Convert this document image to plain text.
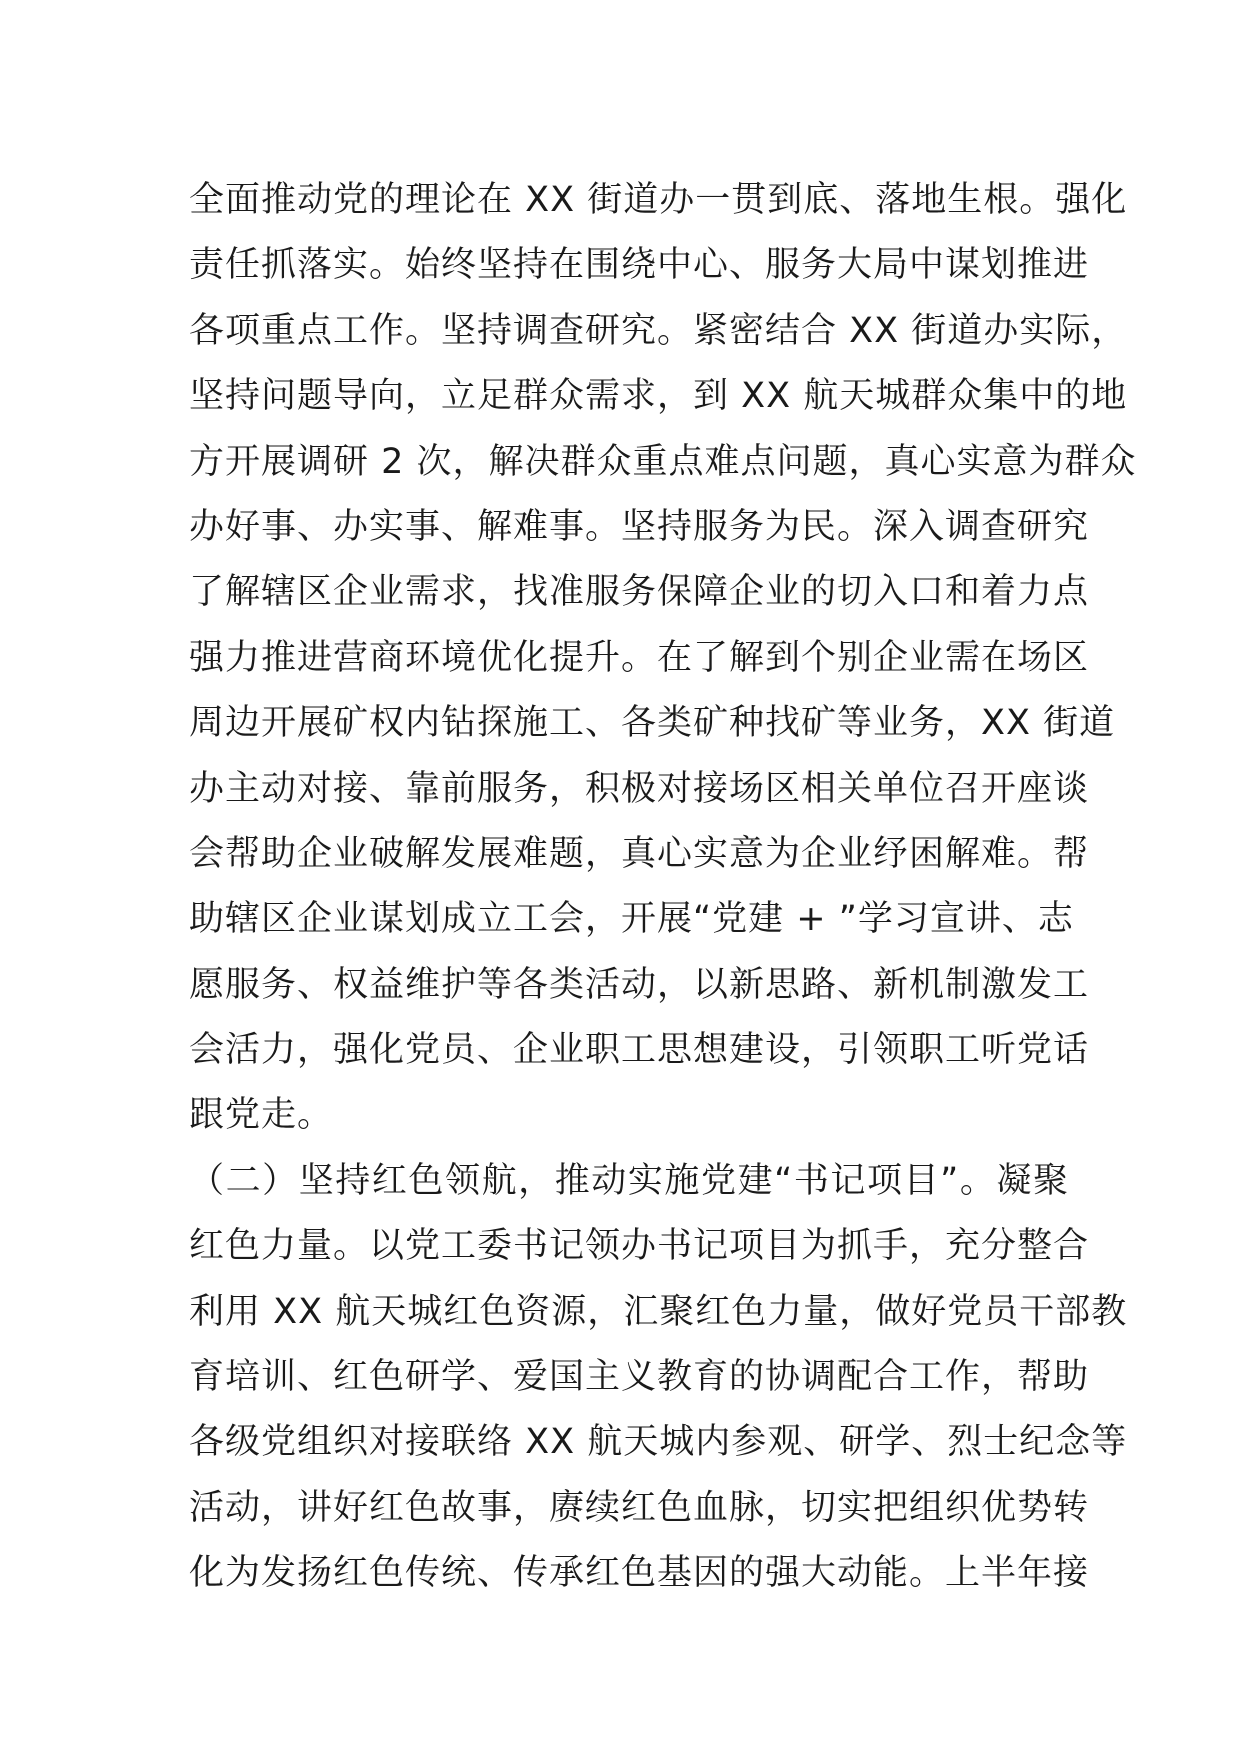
全面推动党的理论在 XX 街道办一贯到底、落地生根。强化
责任抓落实。始终坚持在围绕中心、服务大局中谋划推进
各项重点工作。坚持调查研究。紧密结合 XX 街道办实际，
坚持问题导向，立足群众需求，到 XX 航天城群众集中的地
方开展调研 2 次，解决群众重点难点问题，真心实意为群众
办好事、办实事、解难事。坚持服务为民。深入调查研究
了解辖区企业需求，找准服务保障企业的切入口和着力点
强力推进营商环境优化提升。在了解到个别企业需在场区
周边开展矿权内钻探施工、各类矿种找矿等业务，XX 街道
办主动对接、靠前服务，积极对接场区相关单位召开座谈
会帮助企业破解发展难题，真心实意为企业纾困解难。帮
助辖区企业谋划成立工会，开展“党建 + ”学习宣讲、志
愿服务、权益维护等各类活动，以新思路、新机制激发工
会活力，强化党员、企业职工思想建设，引领职工听党话
跟党走。
（二）坚持红色领航，推动实施党建“书记项目”。凝聚
红色力量。以党工委书记领办书记项目为抓手，充分整合
利用 XX 航天城红色资源，汇聚红色力量，做好党员干部教
育培训、红色研学、爱国主义教育的协调配合工作，帮助
各级党组织对接联络 XX 航天城内参观、研学、烈士纪念等
活动，讲好红色故事，赓续红色血脉，切实把组织优势转
化为发扬红色传统、传承红色基因的强大动能。上半年接
